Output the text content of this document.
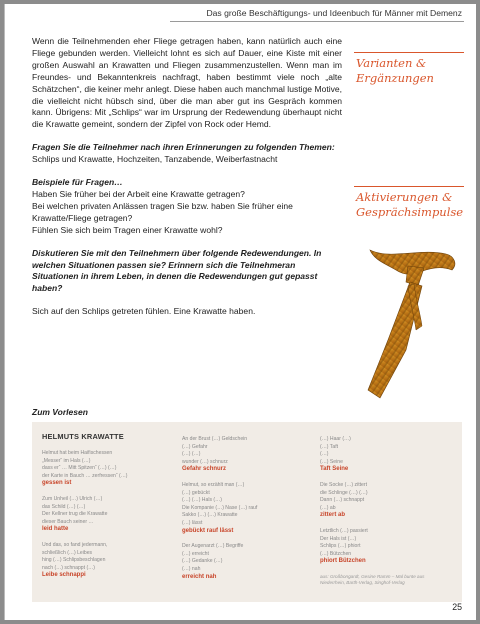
Das große Beschäftigungs- und Ideenbuch für Männer mit Demenz

Wenn die Teilnehmenden eher Fliege getragen haben, kann natürlich auch eine Fliege gebunden werden. Vielleicht lohnt es sich auf Dauer, eine Kiste mit einer großen Auswahl an Krawatten und Fliegen zusammenzustellen. Wenn man im Freundes- und Bekanntenkreis nachfragt, haben bestimmt viele noch „alte Schätzchen“, die keiner mehr anlegt. Diese haben auch manchmal lustige Motive, die vielleicht nicht hübsch sind, über die man aber gut ins Gespräch kommen kann. Übrigens: Mit „Schlips“ war im Ursprung der Redewendung überhaupt nicht die Krawatte gemeint, sondern der Zipfel von Rock oder Hemd.

Fragen Sie die Teilnehmer nach ihren Erinnerungen zu folgenden Themen:
Schlips und Krawatte, Hochzeiten, Tanzabende, Weiberfastnacht
Beispiele für Fragen…

Haben Sie früher bei der Arbeit eine Krawatte getragen?

Bei welchen privaten Anlässen tragen Sie bzw. haben Sie früher eine Krawatte/Fliege getragen?

Fühlen Sie sich beim Tragen einer Krawatte wohl?

Diskutieren Sie mit den Teilnehmern über folgende Redewendungen. In welchen Situationen passen sie? Erinnern sich die Teilnehmeran Situationen in ihrem Leben, in denen die Redewendungen gut gepasst haben?
Sich auf den Schlips getreten fühlen. Eine Krawatte haben.
Zum Vorlesen
Varianten &
Ergänzungen
Aktivierungen &
Gesprächsimpulse
HELMUTS KRAWATTE
Helmut hat beim Haifischessen
„Messer“ im Hals (…)
dass er“ … Mitt Spitzen“ (…) (…)
der Karte in Bauch … zerfressen“ (…)
gessen ist
Zum Unheil (…) Ulrich (…)
das Schild (…) (…)
Der Kellner trug die Krawatte
dieser Bauch seiner …
leid hatte
Und das, so fand jedermann,
schließlich (…) Leibes
hing (…) Schlipsbeschlagen
nach (…) schnappt (…)
Leibe schnappi
An der Brust (…) Geldschein
(…) Gefahr
(…) (…)
wunder (…) schnurz
Gefahr schnurz
Helmut, so erzählt man (…)
(…) gebückt
(…) (…) Hals (…)
Die Kompanie (…) Nase (…) rauf
Sakko (…) (…) Krawatte
(…) lässt
gebückt rauf lässt
Der Augenarzt (…) Begriffe
(…) erreicht
(…) Gedanke (…)
(…) nah
erreicht nah
(…) Haar (…)
(…) Taft
(…)
(…) Seine
Taft Seine
Die Socke (…) zittert
die Schlinge (…) (…)
Dann (…) schnappt
(…) ab
zittert ab
Letztlich (…) passiert
Der Hals ist (…)
Schlips (…) phiort
(…) Bützchen
phiort Bützchen
aus: Großbongardt, Gesine Ramm – Mal bunte aus Niederrhein, Barth-Verlag, Singhof-Verlag
25
